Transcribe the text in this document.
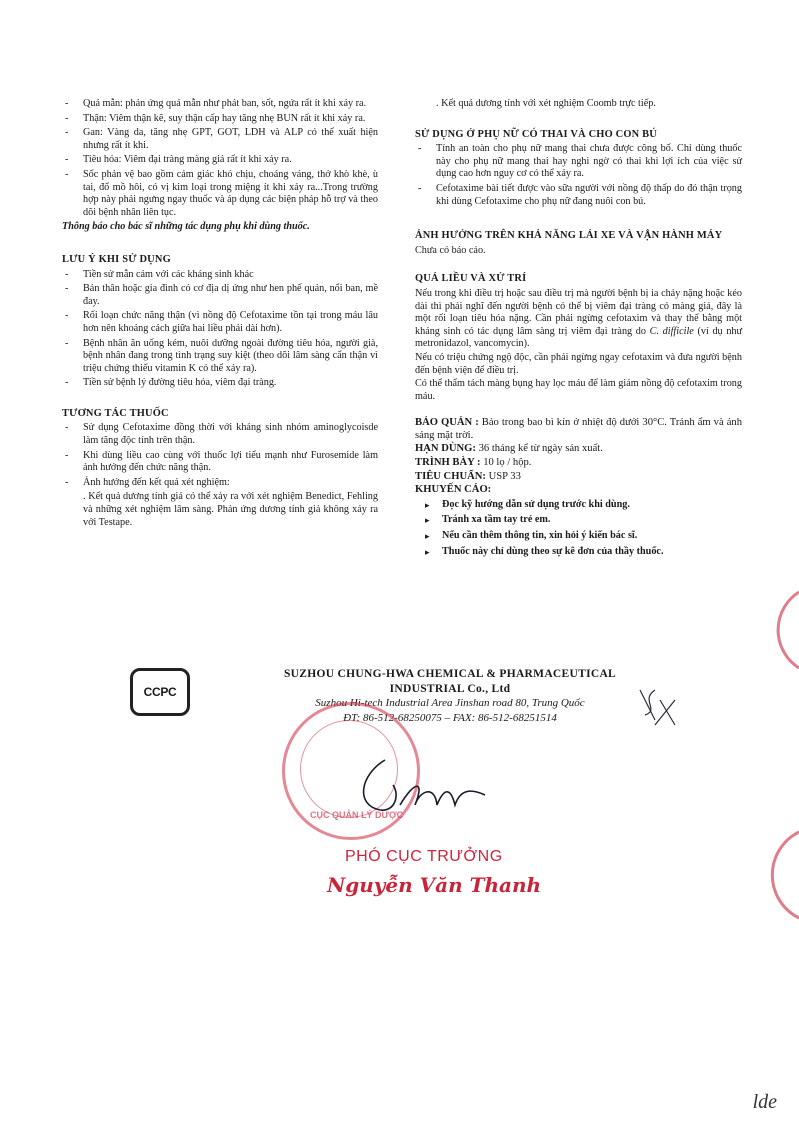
- Quá mẫn: phản ứng quá mẫn như phát ban, sốt, ngứa rất ít khi xảy ra.
- Thận: Viêm thận kẽ, suy thận cấp hay tăng nhẹ BUN rất ít khi xảy ra.
- Gan: Vàng da, tăng nhẹ GPT, GOT, LDH và ALP có thể xuất hiện nhưng rất ít khi.
- Tiêu hóa: Viêm đại tràng màng giả rất ít khi xảy ra.
- Sốc phản vệ bao gồm cảm giác khó chịu, choáng váng, thở khò khè, ù tai, đổ mồ hôi, có vị kim loại trong miệng ít khi xảy ra...Trong trường hợp này phải ngưng ngay thuốc và áp dụng các biện pháp hỗ trợ và theo dõi bệnh nhân liên tục.

Thông báo cho bác sĩ những tác dụng phụ khi dùng thuốc.

LƯU Ý KHI SỬ DỤNG
- Tiền sử mẫn cảm với các kháng sinh khác
- Bản thân hoặc gia đình có cơ địa dị ứng như hen phế quản, nổi ban, mề đay.
- Rối loạn chức năng thận (vì nồng độ Cefotaxime tồn tại trong máu lâu hơn nên khoảng cách giữa hai liều phải dài hơn).
- Bệnh nhân ăn uống kém, nuôi dưỡng ngoài đường tiêu hóa, người già, bệnh nhân đang trong tình trạng suy kiệt (theo dõi lâm sàng cẩn thận vì triệu chứng thiếu vitamin K có thể xảy ra).
- Tiền sử bệnh lý đường tiêu hóa, viêm đại tràng.
TƯƠNG TÁC THUỐC
- Sử dụng Cefotaxime đồng thời với kháng sinh nhóm aminoglycoisde làm tăng độc tính trên thận.
- Khi dùng liều cao cùng với thuốc lợi tiểu mạnh như Furosemide làm ảnh hưởng đến chức năng thận.
- Ảnh hưởng đến kết quả xét nghiệm:

. Kết quả dương tính giả có thể xảy ra với xét nghiệm Benedict, Fehling và những xét nghiệm lâm sàng. Phản ứng dương tính giả không xảy ra với Testape.

. Kết quả dương tính với xét nghiệm Coomb trực tiếp.

SỬ DỤNG Ở PHỤ NỮ CÓ THAI VÀ CHO CON BÚ
- Tính an toàn cho phụ nữ mang thai chưa được công bố. Chỉ dùng thuốc này cho phụ nữ mang thai hay nghi ngờ có thai khi lợi ích của việc sử dụng cao hơn nguy cơ có thể xảy ra.
- Cefotaxime bài tiết được vào sữa người với nồng độ thấp do đó thận trọng khi dùng Cefotaxime cho phụ nữ đang nuôi con bú.
ẢNH HƯỞNG TRÊN KHẢ NĂNG LÁI XE VÀ VẬN HÀNH MÁY

Chưa có báo cáo.

QUÁ LIỀU VÀ XỬ TRÍ

Nếu trong khi điều trị hoặc sau điều trị mà người bệnh bị ỉa chảy nặng hoặc kéo dài thì phải nghĩ đến người bệnh có thể bị viêm đại tràng có màng giả, đây là một rối loạn tiêu hóa nặng. Cần phải ngừng cefotaxim và thay thế bằng một kháng sinh có tác dụng lâm sàng trị viêm đại tràng do C. difficile (ví dụ như metronidazol, vancomycin).

Nếu có triệu chứng ngộ độc, cần phải ngừng ngay cefotaxim và đưa người bệnh đến bệnh viện để điều trị.

Có thể thẩm tách màng bụng hay lọc máu để làm giảm nồng độ cefotaxim trong máu.

BẢO QUẢN : Bảo trong bao bì kín ở nhiệt độ dưới 30°C. Tránh ẩm và ánh sáng mặt trời.

HẠN DÙNG: 36 tháng kể từ ngày sản xuất.

TRÌNH BÀY : 10 lọ / hộp.

TIÊU CHUẨN: USP 33

KHUYẾN CÁO:
▸ Đọc kỹ hướng dẫn sử dụng trước khi dùng.
▸ Tránh xa tầm tay trẻ em.
▸ Nếu cần thêm thông tin, xin hỏi ý kiến bác sĩ.
▸ Thuốc này chỉ dùng theo sự kê đơn của thầy thuốc.
CCPC
SUZHOU CHUNG-HWA CHEMICAL & PHARMACEUTICAL
INDUSTRIAL Co., Ltd
Suzhou Hi-tech Industrial Area Jinshan road 80, Trung Quốc
ĐT: 86-512-68250075 – FAX: 86-512-68251514
CỤC QUẢN LÝ DƯỢC
PHÓ CỤC TRƯỞNG
Nguyễn Văn Thanh
lde
